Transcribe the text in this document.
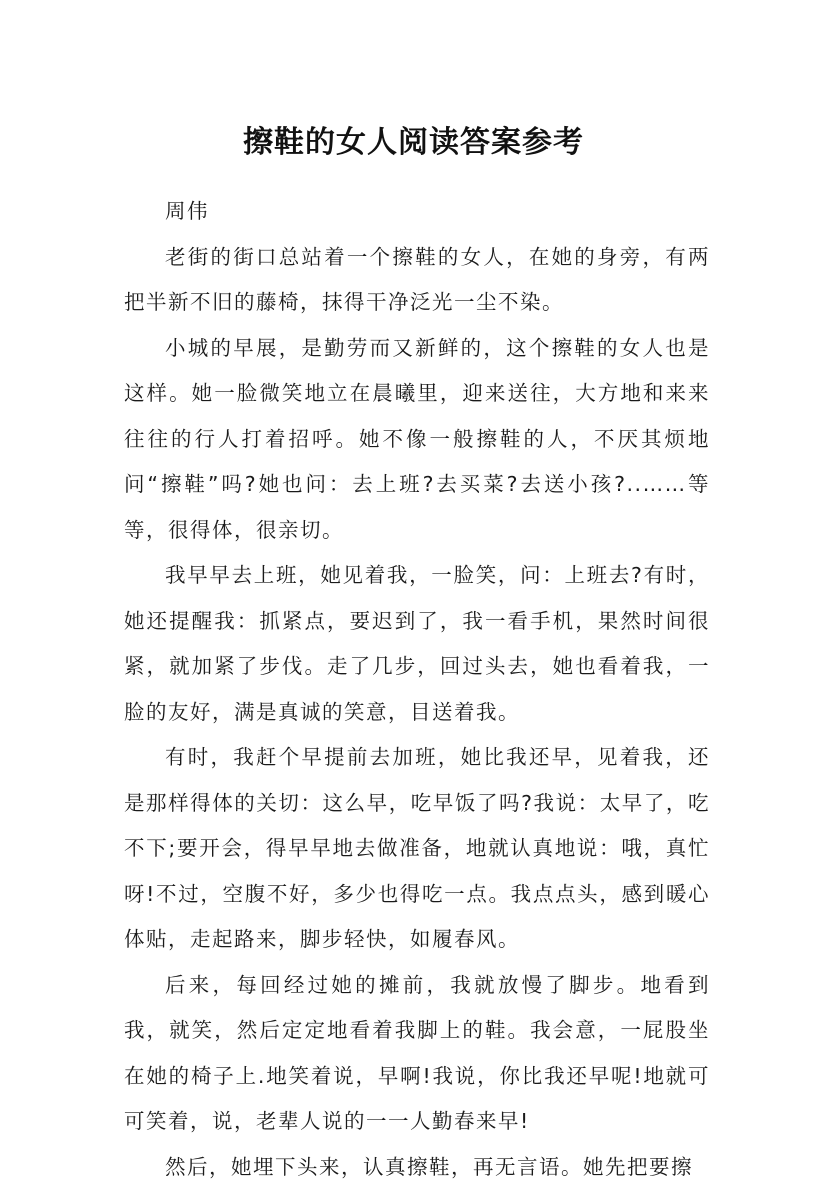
擦鞋的女人阅读答案参考

周伟

老街的街口总站着一个擦鞋的女人，在她的身旁，有两把半新不旧的藤椅，抹得干净泛光一尘不染。

小城的早展，是勤劳而又新鲜的，这个擦鞋的女人也是这样。她一脸微笑地立在晨曦里，迎来送往，大方地和来来往往的行人打着招呼。她不像一般擦鞋的人，不厌其烦地问“擦鞋”吗?她也问：去上班?去买菜?去送小孩?..……等等，很得体，很亲切。

我早早去上班，她见着我，一脸笑，问：上班去?有时，她还提醒我：抓紧点，要迟到了，我一看手机，果然时间很紧，就加紧了步伐。走了几步，回过头去，她也看着我，一脸的友好，满是真诚的笑意，目送着我。

有时，我赶个早提前去加班，她比我还早，见着我，还是那样得体的关切：这么早，吃早饭了吗?我说：太早了，吃不下;要开会，得早早地去做准备，地就认真地说：哦，真忙呀!不过，空腹不好，多少也得吃一点。我点点头，感到暖心体贴，走起路来，脚步轻快，如履春风。

后来，每回经过她的摊前，我就放慢了脚步。地看到我，就笑，然后定定地看着我脚上的鞋。我会意，一屁股坐在她的椅子上.地笑着说，早啊!我说，你比我还早呢!地就可可笑着，说，老辈人说的一一人勤春来早!

然后，她埋下头来，认真擦鞋，再无言语。她先把要擦
